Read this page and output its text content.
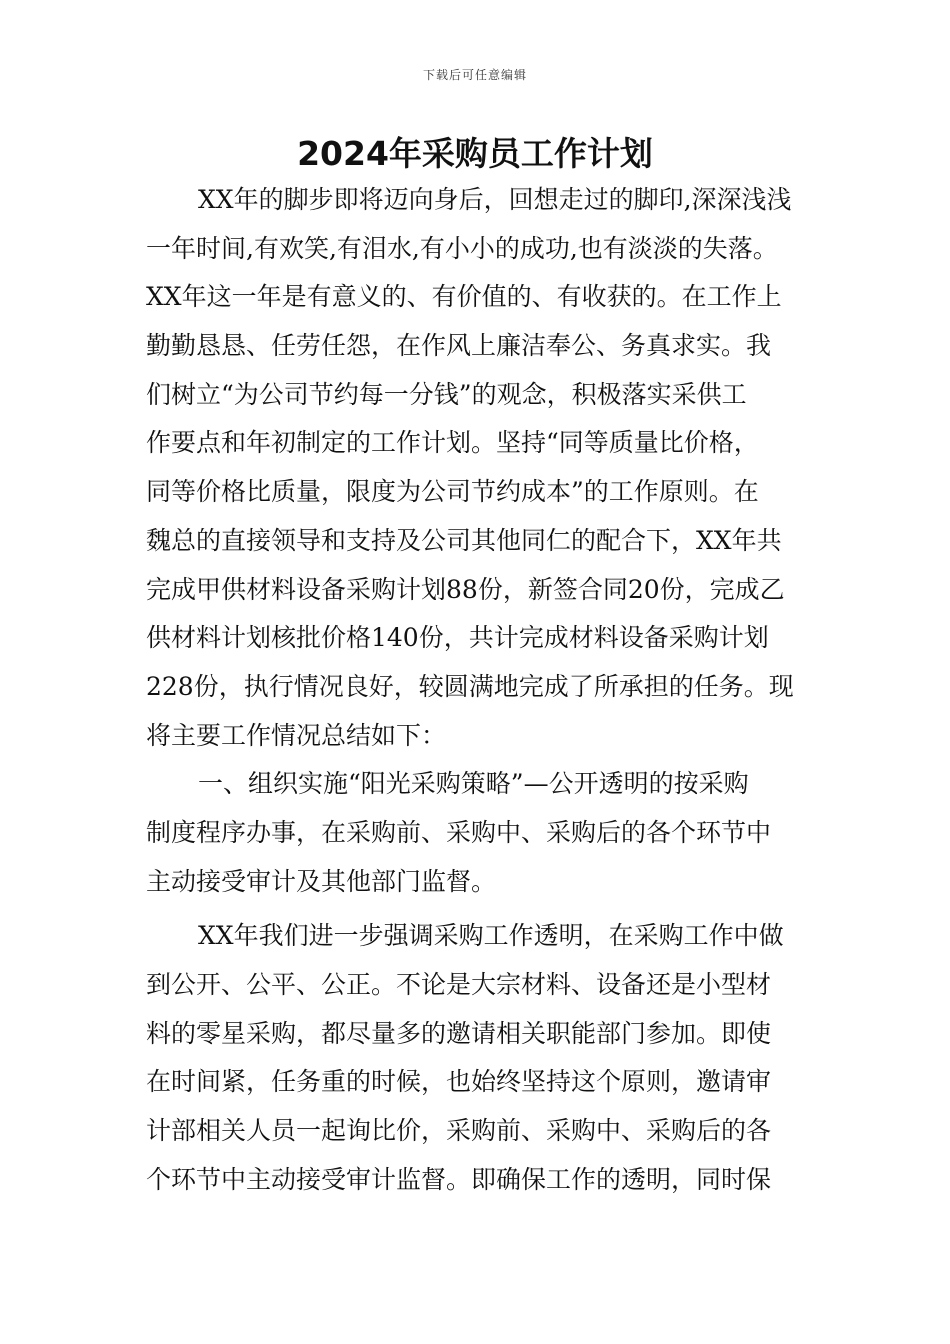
下载后可任意编辑
2024年采购员工作计划
XX年的脚步即将迈向身后，回想走过的脚印,深深浅浅
一年时间,有欢笑,有泪水,有小小的成功,也有淡淡的失落。
XX年这一年是有意义的、有价值的、有收获的。在工作上
勤勤恳恳、任劳任怨，在作风上廉洁奉公、务真求实。我
们树立“为公司节约每一分钱”的观念，积极落实采供工
作要点和年初制定的工作计划。坚持“同等质量比价格，
同等价格比质量，限度为公司节约成本”的工作原则。在
魏总的直接领导和支持及公司其他同仁的配合下，XX年共
完成甲供材料设备采购计划88份，新签合同20份，完成乙
供材料计划核批价格140份，共计完成材料设备采购计划
228份，执行情况良好，较圆满地完成了所承担的任务。现
将主要工作情况总结如下：
一、组织实施“阳光采购策略”—公开透明的按采购
制度程序办事，在采购前、采购中、采购后的各个环节中
主动接受审计及其他部门监督。
XX年我们进一步强调采购工作透明，在采购工作中做
到公开、公平、公正。不论是大宗材料、设备还是小型材
料的零星采购，都尽量多的邀请相关职能部门参加。即使
在时间紧，任务重的时候，也始终坚持这个原则，邀请审
计部相关人员一起询比价，采购前、采购中、采购后的各
个环节中主动接受审计监督。即确保工作的透明，同时保
